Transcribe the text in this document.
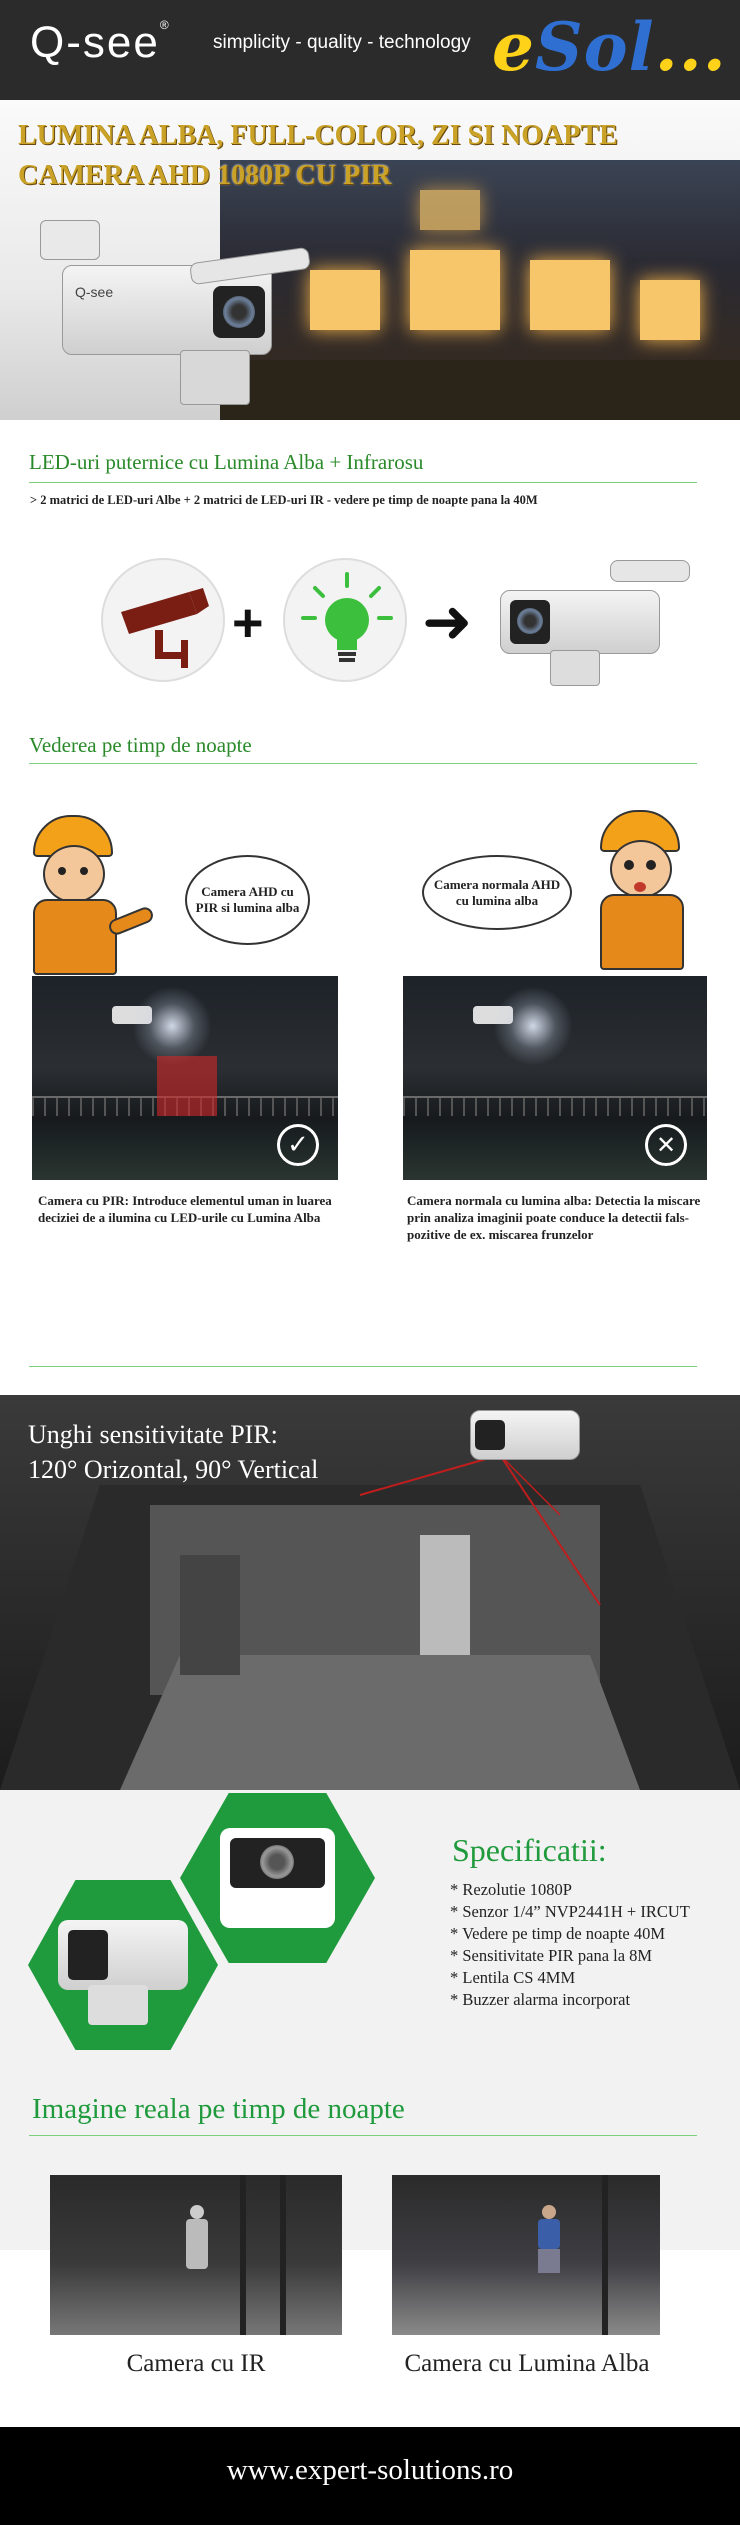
Q-see®
simplicity - quality - technology eSol...
Q-see
LUMINA ALBA, FULL-COLOR, ZI SI NOAPTE
CAMERA AHD 1080P CU PIR
LED-uri puternice cu Lumina Alba + Infrarosu
> 2 matrici de LED-uri Albe + 2 matrici de LED-uri IR - vedere pe timp de noapte pana la 40M
+	➜
Vederea pe timp de noapte
Camera AHD cu PIR si lumina alba
Camera normala AHD cu lumina alba
✓	✕
Camera cu PIR: Introduce elementul uman in luarea deciziei de a ilumina cu LED-urile cu Lumina Alba
Camera normala cu lumina alba: Detectia la miscare prin analiza imaginii poate conduce la detectii fals-pozitive de ex. miscarea frunzelor
Unghi sensitivitate PIR:
120° Orizontal, 90° Vertical
Specificatii:
* Rezolutie 1080P
* Senzor 1/4” NVP2441H + IRCUT
* Vedere pe timp de noapte 40M
* Sensitivitate PIR pana la 8M
* Lentila CS 4MM
* Buzzer alarma incorporat
Imagine reala pe timp de noapte
Camera cu IR	Camera cu Lumina Alba
www.expert-solutions.ro
